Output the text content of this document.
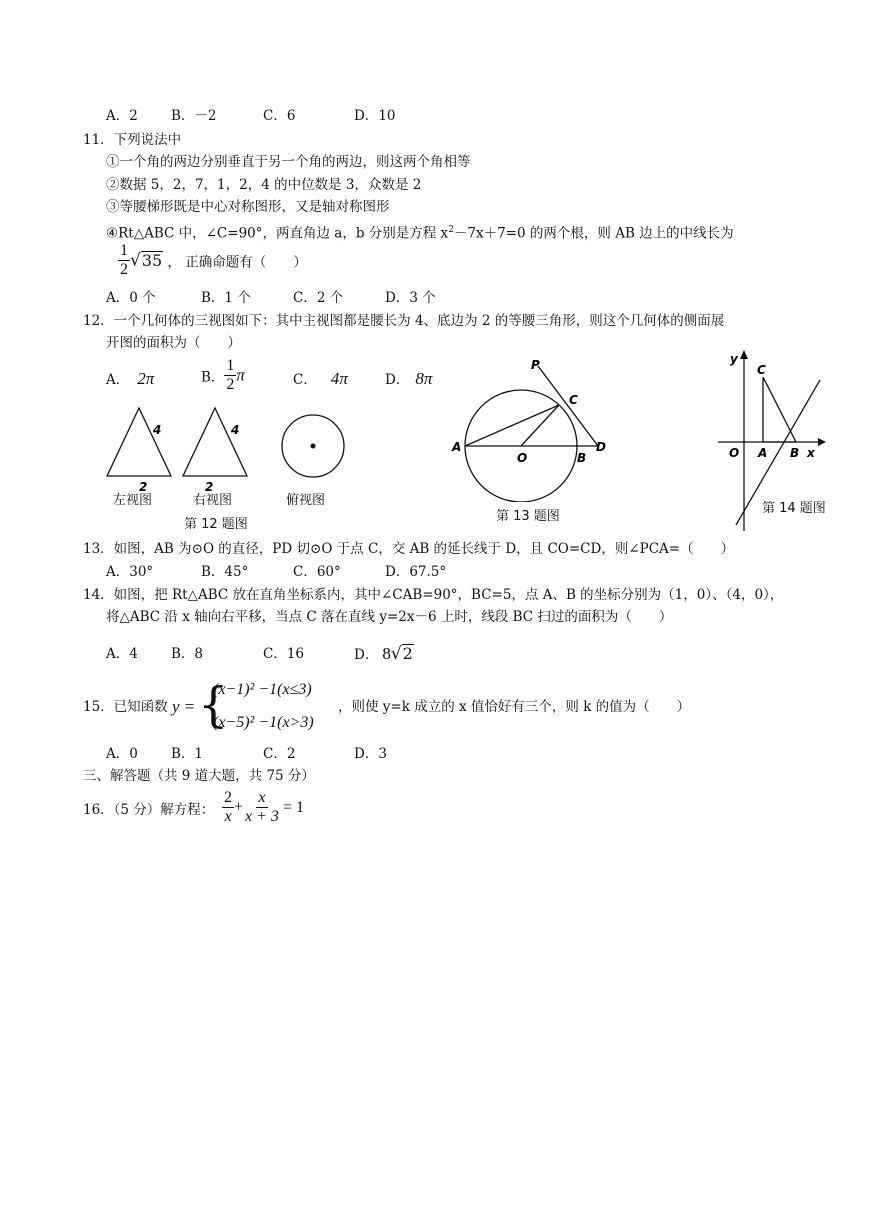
A．2 B．－2	C．6	D．10
11．下列说法中
①一个角的两边分别垂直于另一个角的两边，则这两个角相等
②数据 5，2，7，1，2，4 的中位数是 3，众数是 2
③等腰梯形既是中心对称图形，又是轴对称图形
④Rt△ABC 中，∠C=90°，两直角边 a，b 分别是方程 $x^2-7x+7=0$ 的两个根，则 AB 边上的中线长为
$\frac{1}{2} √35$ ， 正确命题有（　　）
A．0 个	B．1 个	C．2 个	D．3 个
12．一个几何体的三视图如下：其中主视图都是腰长为 4、底边为 2 的等腰三角形，则这个几何体的侧面展
开图的面积为（　　）
A． 2π	B． $\frac{1}{2}$ π	C． 4π	D． 8π
4
2
4
2
左视图	右视图	俯视图
第 12 题图
P
C
A
O	B
D
第 13 题图
y
C
O A B x
第 14 题图
13．如图，AB 为⊙O 的直径，PD 切⊙O 于点 C，交 AB 的延长线于 D，且 CO=CD，则∠PCA=（　　）
A．30°	B．45°	C．60°	D．67.5°
14．如图，把 Rt△ABC 放在直角坐标系内，其中∠CAB=90°，BC=5，点 A、B 的坐标分别为（1，0）、（4，0），
将△ABC 沿 x 轴向右平移，当点 C 落在直线 y=2x－6 上时，线段 BC 扫过的面积为（　　）
A．4 B．8	C．16	D． 8√2
15．已知函数 y = {
(x−1)² −1(x≤3)
(x−5)² −1(x>3)
，则使 y=k 成立的 x 值恰好有三个，则 k 的值为（　　）
A．0 B．1	C．2	D．3
三、解答题（共 9 道大题，共 75 分）
16．（5 分）解方程： $\frac{2}{x} + \frac{x}{x + 3} = 1$
